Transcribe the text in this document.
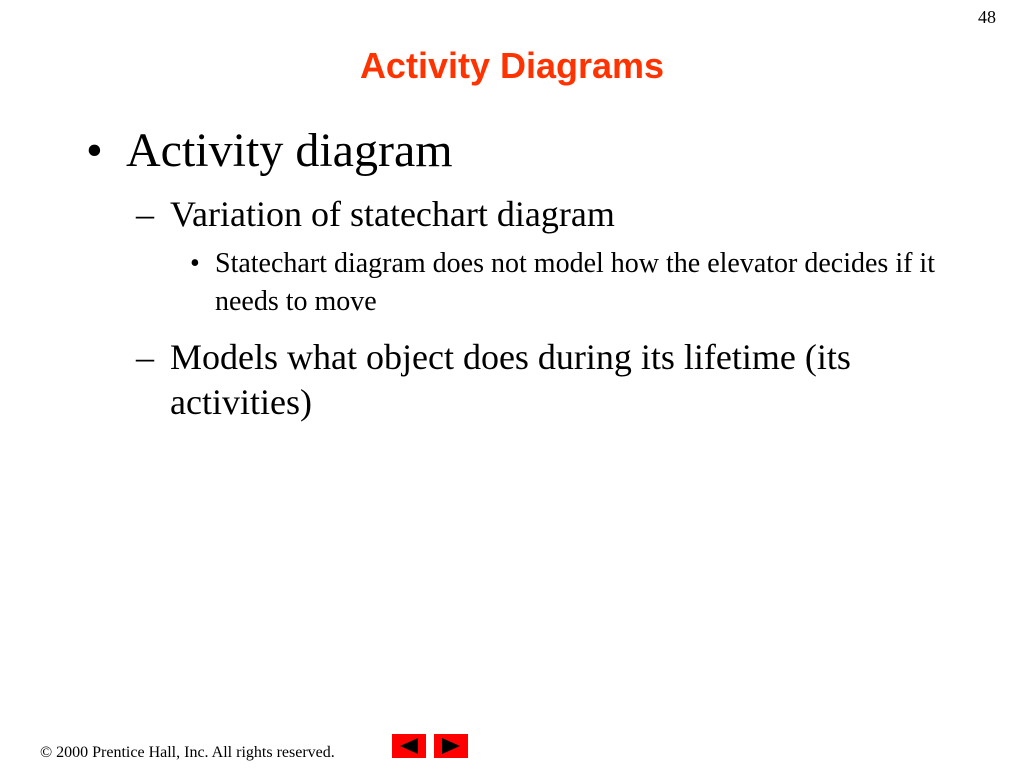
48
Activity Diagrams
• Activity diagram
– Variation of statechart diagram
• Statechart diagram does not model how the elevator decides if it needs to move
– Models what object does during its lifetime (its activities)
© 2000 Prentice Hall, Inc. All rights reserved.
